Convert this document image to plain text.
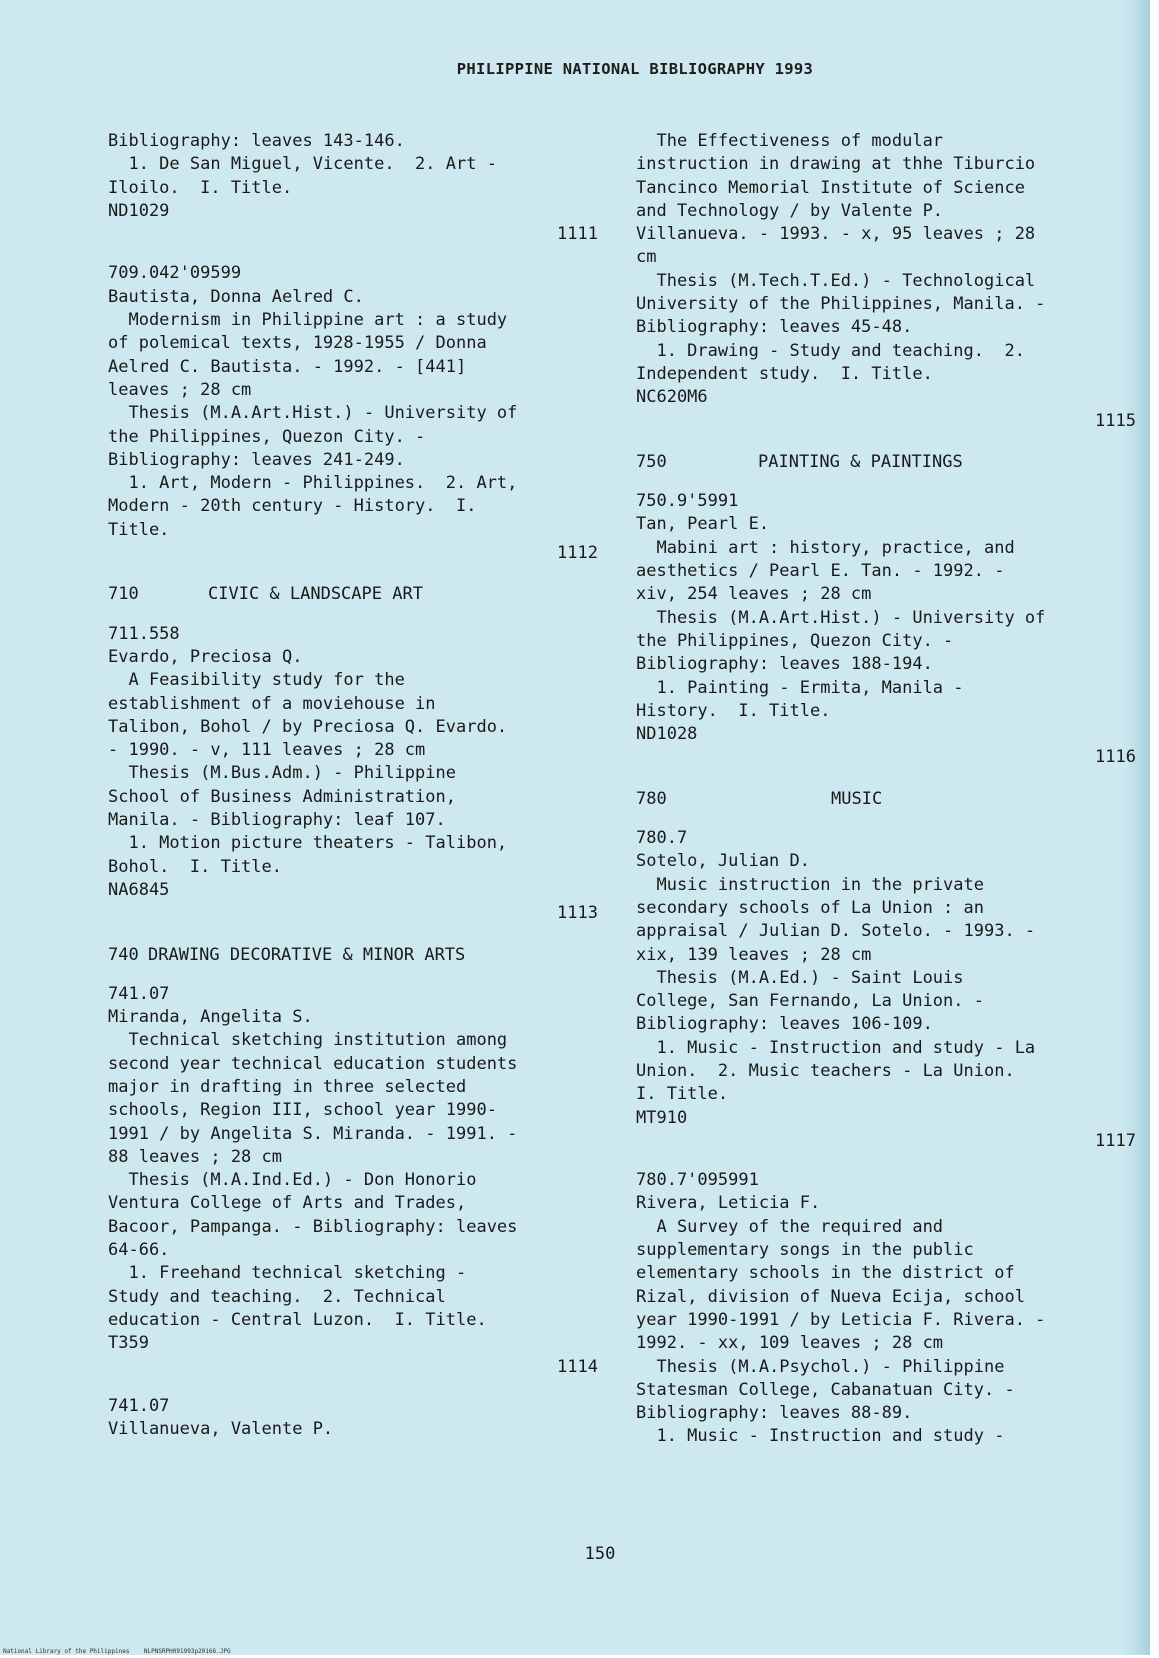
PHILIPPINE NATIONAL BIBLIOGRAPHY 1993
Bibliography: leaves 143-146.
1. De San Miguel, Vicente.  2. Art -
Iloilo.  I. Title.
ND1029
1111
709.042'09599
Bautista, Donna Aelred C.
Modernism in Philippine art : a study
of polemical texts, 1928-1955 / Donna
Aelred C. Bautista. - 1992. - [441]
leaves ; 28 cm
Thesis (M.A.Art.Hist.) - University of
the Philippines, Quezon City. -
Bibliography: leaves 241-249.
1. Art, Modern - Philippines.  2. Art,
Modern - 20th century - History.  I.
Title.
1112
710	CIVIC & LANDSCAPE ART
711.558
Evardo, Preciosa Q.
A Feasibility study for the
establishment of a moviehouse in
Talibon, Bohol / by Preciosa Q. Evardo.
- 1990. - v, 111 leaves ; 28 cm
Thesis (M.Bus.Adm.) - Philippine
School of Business Administration,
Manila. - Bibliography: leaf 107.
1. Motion picture theaters - Talibon,
Bohol.  I. Title.
NA6845
1113
740 DRAWING DECORATIVE & MINOR ARTS
741.07
Miranda, Angelita S.
Technical sketching institution among
second year technical education students
major in drafting in three selected
schools, Region III, school year 1990-
1991 / by Angelita S. Miranda. - 1991. -
88 leaves ; 28 cm
Thesis (M.A.Ind.Ed.) - Don Honorio
Ventura College of Arts and Trades,
Bacoor, Pampanga. - Bibliography: leaves
64-66.
1. Freehand technical sketching -
Study and teaching.  2. Technical
education - Central Luzon.  I. Title.
T359
1114
741.07
Villanueva, Valente P.
The Effectiveness of modular
instruction in drawing at thhe Tiburcio
Tancinco Memorial Institute of Science
and Technology / by Valente P.
Villanueva. - 1993. - x, 95 leaves ; 28
cm
Thesis (M.Tech.T.Ed.) - Technological
University of the Philippines, Manila. -
Bibliography: leaves 45-48.
1. Drawing - Study and teaching.  2.
Independent study.  I. Title.
NC620M6
1115
750	PAINTING & PAINTINGS
750.9'5991
Tan, Pearl E.
Mabini art : history, practice, and
aesthetics / Pearl E. Tan. - 1992. -
xiv, 254 leaves ; 28 cm
Thesis (M.A.Art.Hist.) - University of
the Philippines, Quezon City. -
Bibliography: leaves 188-194.
1. Painting - Ermita, Manila -
History.  I. Title.
ND1028
1116
780	MUSIC
780.7
Sotelo, Julian D.
Music instruction in the private
secondary schools of La Union : an
appraisal / Julian D. Sotelo. - 1993. -
xix, 139 leaves ; 28 cm
Thesis (M.A.Ed.) - Saint Louis
College, San Fernando, La Union. -
Bibliography: leaves 106-109.
1. Music - Instruction and study - La
Union.  2. Music teachers - La Union.
I. Title.
MT910
1117
780.7'095991
Rivera, Leticia F.
A Survey of the required and
supplementary songs in the public
elementary schools in the district of
Rizal, division of Nueva Ecija, school
year 1990-1991 / by Leticia F. Rivera. -
1992. - xx, 109 leaves ; 28 cm
Thesis (M.A.Psychol.) - Philippine
Statesman College, Cabanatuan City. -
Bibliography: leaves 88-89.
1. Music - Instruction and study -
150
National Library of the Philippines    NLPNSRPH091993p20166.JPG
